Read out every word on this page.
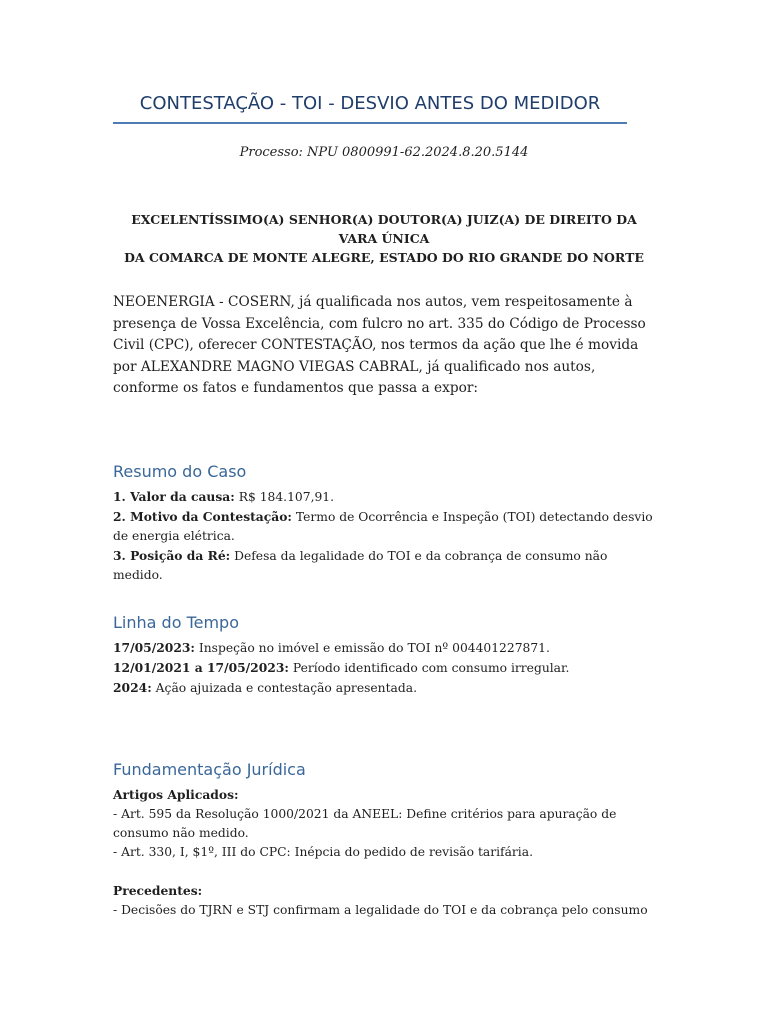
CONTESTAÇÃO - TOI - DESVIO ANTES DO MEDIDOR
Processo: NPU 0800991-62.2024.8.20.5144
EXCELENTÍSSIMO(A) SENHOR(A) DOUTOR(A) JUIZ(A) DE DIREITO DA VARA ÚNICA
DA COMARCA DE MONTE ALEGRE, ESTADO DO RIO GRANDE DO NORTE
NEOENERGIA - COSERN, já qualificada nos autos, vem respeitosamente à presença de Vossa Excelência, com fulcro no art. 335 do Código de Processo Civil (CPC), oferecer CONTESTAÇÃO, nos termos da ação que lhe é movida por ALEXANDRE MAGNO VIEGAS CABRAL, já qualificado nos autos, conforme os fatos e fundamentos que passa a expor:
Resumo do Caso
1. Valor da causa: R$ 184.107,91.
2. Motivo da Contestação: Termo de Ocorrência e Inspeção (TOI) detectando desvio de energia elétrica.
3. Posição da Ré: Defesa da legalidade do TOI e da cobrança de consumo não medido.
Linha do Tempo
17/05/2023: Inspeção no imóvel e emissão do TOI nº 004401227871.
12/01/2021 a 17/05/2023: Período identificado com consumo irregular.
2024: Ação ajuizada e contestação apresentada.
Fundamentação Jurídica
Artigos Aplicados:
- Art. 595 da Resolução 1000/2021 da ANEEL: Define critérios para apuração de consumo não medido.
- Art. 330, I, $1º, III do CPC: Inépcia do pedido de revisão tarifária.
Precedentes:
- Decisões do TJRN e STJ confirmam a legalidade do TOI e da cobrança pelo consumo
